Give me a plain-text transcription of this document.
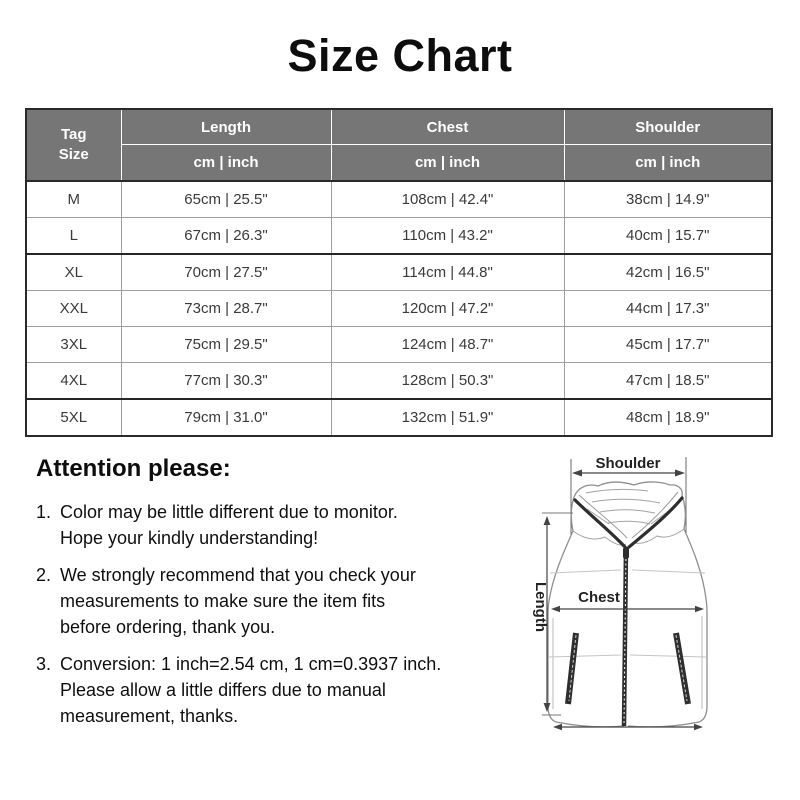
Size Chart
Tag
Size	Length	Chest	Shoulder
	cm | inch	cm | inch	cm | inch
M	65cm | 25.5"	108cm | 42.4"	38cm | 14.9"
L	67cm | 26.3"	110cm | 43.2"	40cm | 15.7"
XL	70cm | 27.5"	114cm | 44.8"	42cm | 16.5"
XXL	73cm | 28.7"	120cm | 47.2"	44cm | 17.3"
3XL	75cm | 29.5"	124cm | 48.7"	45cm | 17.7"
4XL	77cm | 30.3"	128cm | 50.3"	47cm | 18.5"
5XL	79cm | 31.0"	132cm | 51.9"	48cm | 18.9"
Attention please:
1. Color may be little different due to monitor.
Hope your kindly understanding!
2. We strongly recommend that you check your
measurements to make sure the item fits
before ordering, thank you.
3. Conversion: 1 inch=2.54 cm, 1 cm=0.3937 inch.
Please allow a little differs due to manual
measurement, thanks.
Shoulder
Chest
Length
